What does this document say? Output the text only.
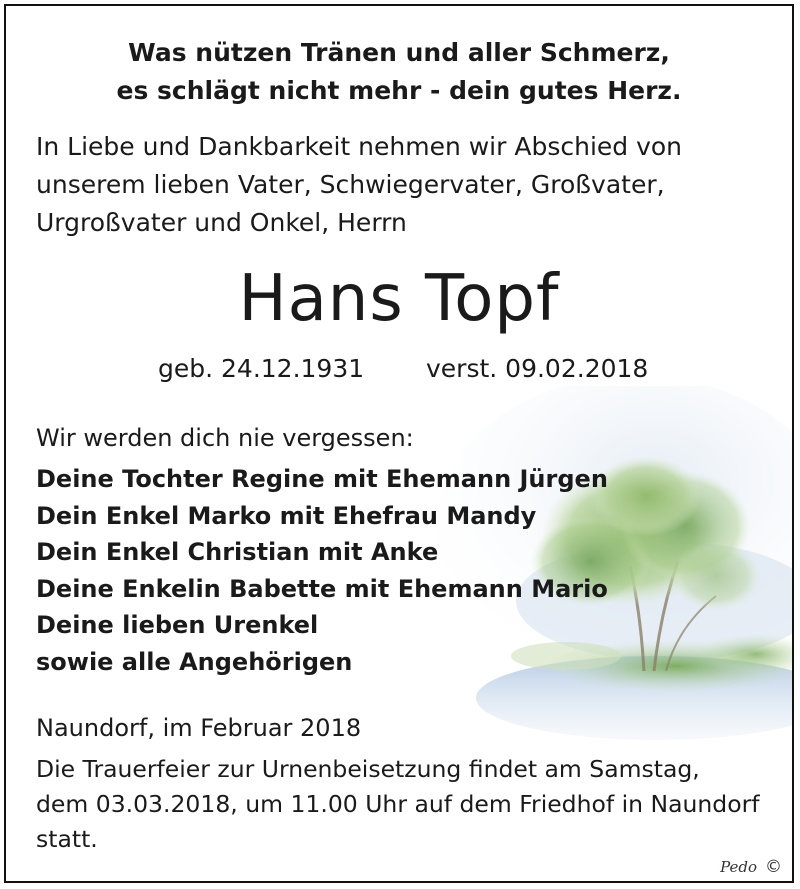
Was nützen Tränen und aller Schmerz,
es schlägt nicht mehr - dein gutes Herz.
In Liebe und Dankbarkeit nehmen wir Abschied von
unserem lieben Vater, Schwiegervater, Großvater,
Urgroßvater und Onkel, Herrn
Hans Topf
geb. 24.12.1931 verst. 09.02.2018
Wir werden dich nie vergessen:
Deine Tochter Regine mit Ehemann Jürgen
Dein Enkel Marko mit Ehefrau Mandy
Dein Enkel Christian mit Anke
Deine Enkelin Babette mit Ehemann Mario
Deine lieben Urenkel
sowie alle Angehörigen
Naundorf, im Februar 2018
Die Trauerfeier zur Urnenbeisetzung findet am Samstag,
dem 03.03.2018, um 11.00 Uhr auf dem Friedhof in Naundorf
statt.
Pedo ©
